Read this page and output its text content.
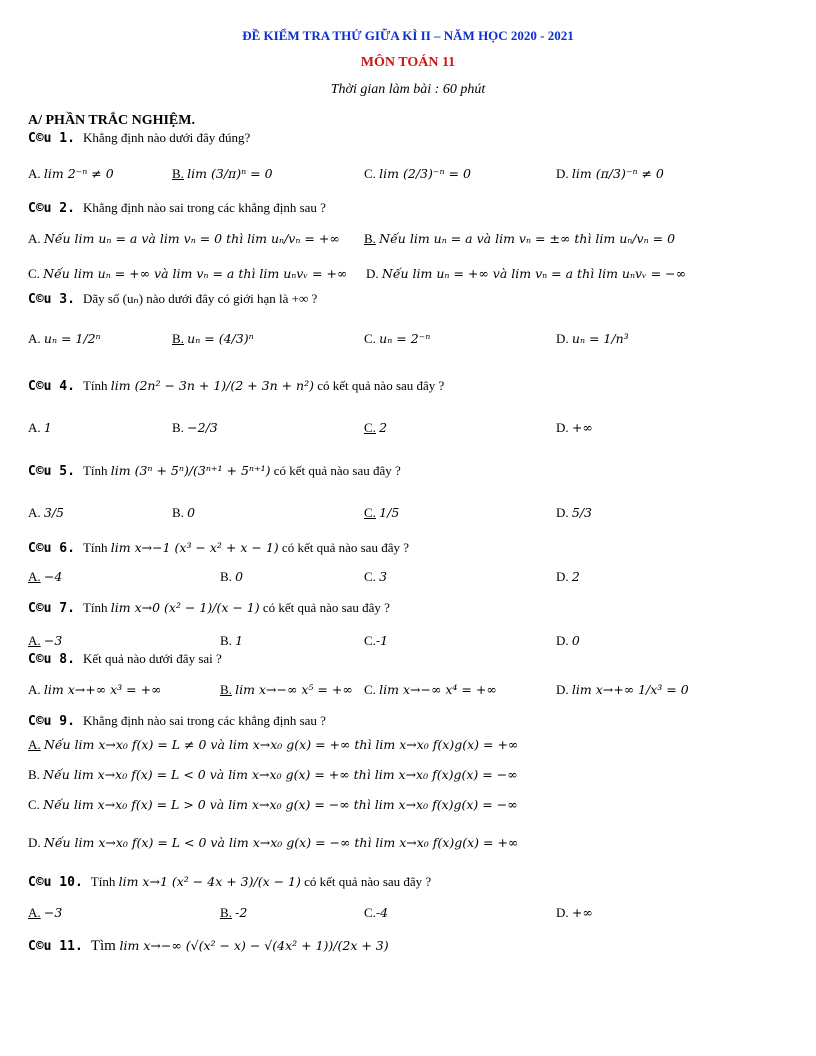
ĐỀ KIỂM TRA THỬ GIỮA KÌ II – NĂM HỌC 2020 - 2021
MÔN TOÁN 11
Thời gian làm bài : 60 phút
A/ PHẦN TRẮC NGHIỆM.
C©u 1. Khẳng định nào dưới đây đúng?
A. lim 2⁻ⁿ ≠ 0	B. lim (3/π)ⁿ = 0	C. lim (2/3)⁻ⁿ = 0	D. lim (π/3)⁻ⁿ ≠ 0
C©u 2. Khẳng định nào sai trong các khẳng định sau ?
A. Nếu lim uₙ = a và lim vₙ = 0 thì lim uₙ/vₙ = +∞ B. Nếu lim uₙ = a và lim vₙ = ±∞ thì lim uₙ/vₙ = 0
C. Nếu lim uₙ = +∞ và lim vₙ = a thì lim uₙvᵥ = +∞ D. Nếu lim uₙ = +∞ và lim vₙ = a thì lim uₙvᵥ = −∞
C©u 3. Dãy số (uₙ) nào dưới đây có giới hạn là +∞ ?
A. uₙ = 1/2ⁿ	B. uₙ = (4/3)ⁿ	C. uₙ = 2⁻ⁿ	D. uₙ = 1/n³
C©u 4. Tính lim (2n² − 3n + 1)/(2 + 3n + n²) có kết quả nào sau đây ?
A. 1	B. −2/3	C. 2	D. +∞
C©u 5. Tính lim (3ⁿ + 5ⁿ)/(3ⁿ⁺¹ + 5ⁿ⁺¹) có kết quả nào sau đây ?
A. 3/5	B. 0	C. 1/5	D. 5/3
C©u 6. Tính lim x→−1 (x³ − x² + x − 1) có kết quả nào sau đây ?
A. −4	B. 0	C. 3	D. 2
C©u 7. Tính lim x→0 (x² − 1)/(x − 1) có kết quả nào sau đây ?
A. −3	B. 1	C.-1	D. 0
C©u 8. Kết quả nào dưới đây sai ?
A. lim x→+∞ x³ = +∞	B. lim x→−∞ x⁵ = +∞ C. lim x→−∞ x⁴ = +∞	D. lim x→+∞ 1/x³ = 0
C©u 9. Khẳng định nào sai trong các khẳng định sau ?
A. Nếu lim x→x₀ f(x) = L ≠ 0 và lim x→x₀ g(x) = +∞ thì lim x→x₀ f(x)g(x) = +∞
B. Nếu lim x→x₀ f(x) = L < 0 và lim x→x₀ g(x) = +∞ thì lim x→x₀ f(x)g(x) = −∞
C. Nếu lim x→x₀ f(x) = L > 0 và lim x→x₀ g(x) = −∞ thì lim x→x₀ f(x)g(x) = −∞
D. Nếu lim x→x₀ f(x) = L < 0 và lim x→x₀ g(x) = −∞ thì lim x→x₀ f(x)g(x) = +∞
C©u 10. Tính lim x→1 (x² − 4x + 3)/(x − 1) có kết quả nào sau đây ?
A. −3	B. -2	C.-4	D. +∞
C©u 11. Tìm lim x→−∞ (√(x² − x) − √(4x² + 1))/(2x + 3)
